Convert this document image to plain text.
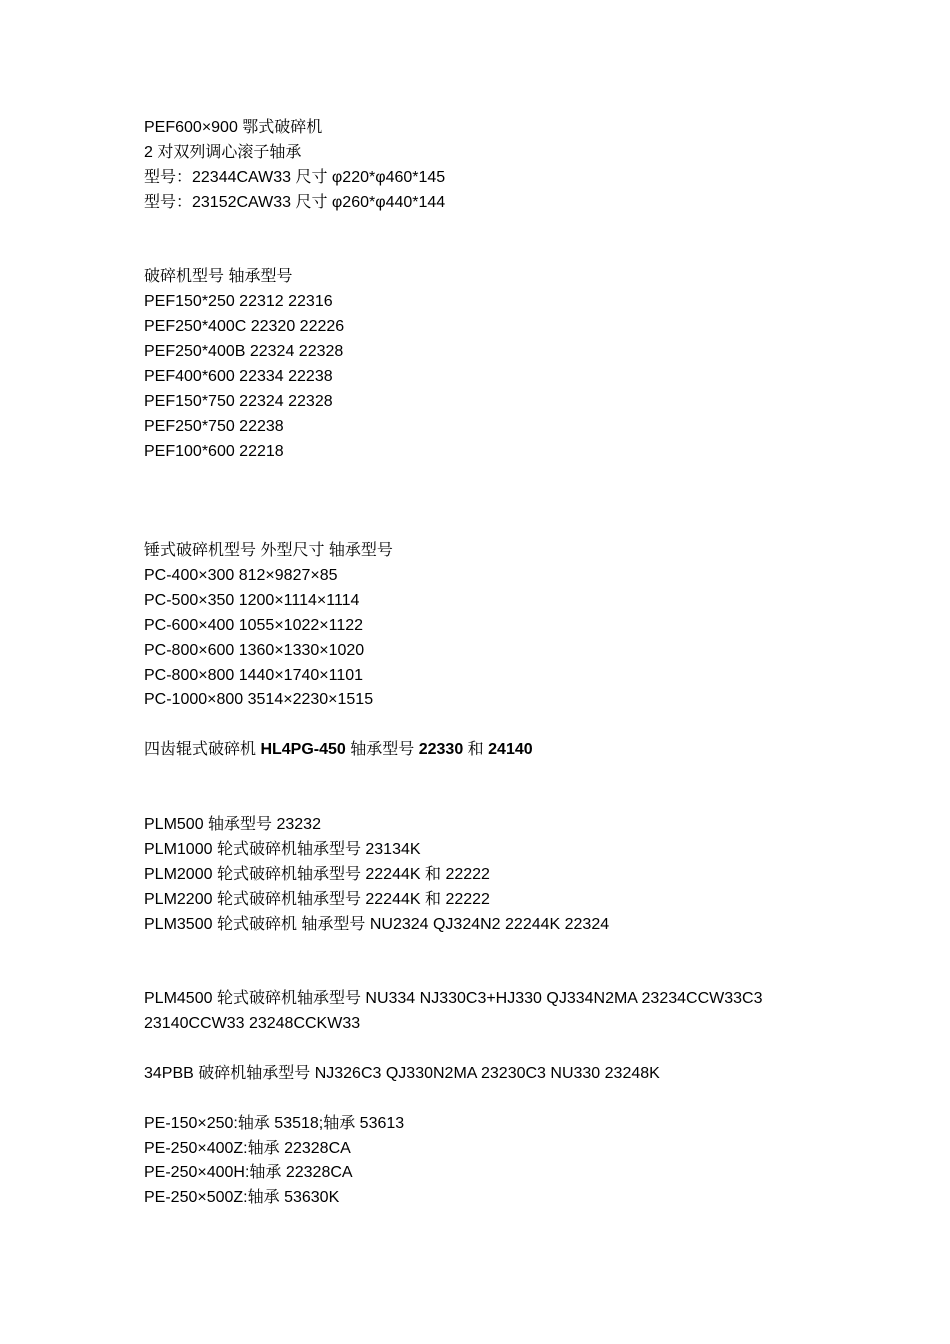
PEF600×900 鄂式破碎机
2 对双列调心滚子轴承
型号：22344CAW33 尺寸 φ220*φ460*145
型号：23152CAW33 尺寸 φ260*φ440*144
破碎机型号 轴承型号
PEF150*250 22312 22316
PEF250*400C 22320 22226
PEF250*400B 22324 22328
PEF400*600 22334 22238
PEF150*750 22324 22328
PEF250*750 22238
PEF100*600 22218
锤式破碎机型号 外型尺寸 轴承型号
PC-400×300 812×9827×85
PC-500×350 1200×1114×1114
PC-600×400 1055×1022×1122
PC-800×600 1360×1330×1020
PC-800×800 1440×1740×1101
PC-1000×800 3514×2230×1515
四齿辊式破碎机 HL4PG-450 轴承型号 22330 和 24140
PLM500 轴承型号 23232
PLM1000 轮式破碎机轴承型号 23134K
PLM2000 轮式破碎机轴承型号 22244K 和 22222
PLM2200 轮式破碎机轴承型号 22244K 和 22222
PLM3500 轮式破碎机 轴承型号 NU2324 QJ324N2 22244K 22324
PLM4500 轮式破碎机轴承型号 NU334 NJ330C3+HJ330 QJ334N2MA 23234CCW33C3 23140CCW33 23248CCKW33
34PBB 破碎机轴承型号 NJ326C3 QJ330N2MA 23230C3 NU330 23248K
PE-150×250:轴承 53518;轴承 53613
PE-250×400Z:轴承 22328CA
PE-250×400H:轴承 22328CA
PE-250×500Z:轴承 53630K
